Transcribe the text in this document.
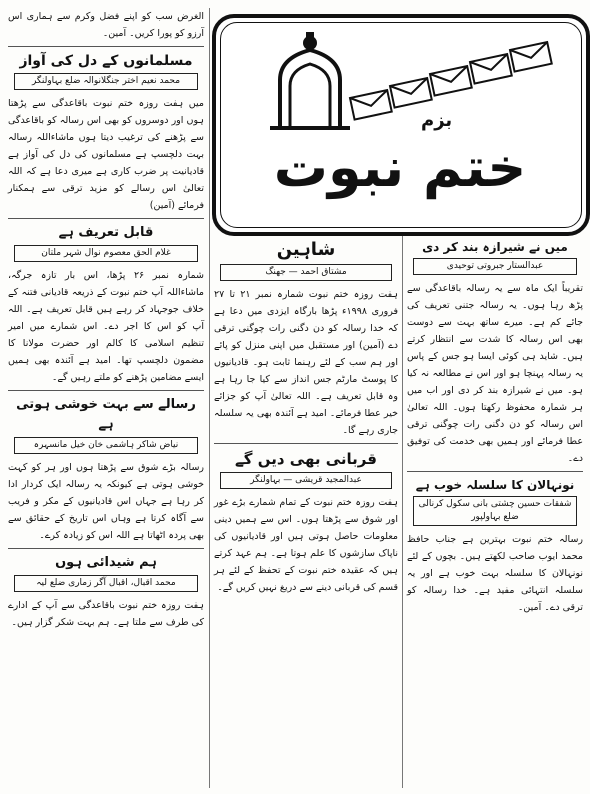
الغرض سب کو اپنے فضل وکرم سے ہماری اس آرزو کو پورا کریں۔ آمین۔

مسلمانوں کے دل کی آواز
محمد نعیم اختر جنگلانوالہ ضلع بہاولنگر

میں ہفت روزہ ختم نبوت باقاعدگی سے پڑھتا ہوں اور دوسروں کو بھی اس رسالہ کو باقاعدگی سے پڑھنے کی ترغیب دیتا ہوں ماشاءاللہ رسالہ بہت دلچسپ ہے مسلمانوں کی دل کی آواز ہے قادیانیت پر ضرب کاری ہے میری دعا ہے کہ اللہ تعالیٰ اس رسالے کو مزید ترقی سے ہمکنار فرمائے (آمین)

قابل تعریف ہے
غلام الحق معصوم نوال شہر ملتان

شمارہ نمبر ۲۶ پڑھا، اس بار تازہ جرگہ، ماشاءاللہ آپ ختم نبوت کے ذریعہ قادیانی فتنہ کے خلاف جوجہاد کر رہے ہیں قابل تعریف ہے۔ اللہ آپ کو اس کا اجر دے۔ اس شمارے میں امیر تنظیم اسلامی کا کالم اور حضرت مولانا کا مضمون دلچسپ تھا۔ امید ہے آئندہ بھی ہمیں ایسے مضامین پڑھنے کو ملتے رہیں گے۔

رسالے سے بہت خوشی ہوتی ہے
نیاض شاکر ہاشمی خان خیل مانسہرہ

رسالہ بڑے شوق سے پڑھتا ہوں اور ہر کو کہت خوشی ہوتی ہے کیونکہ یہ رسالہ ایک کردار ادا کر رہا ہے جہاں اس قادیانیوں کے مکر و فریب سے آگاہ کرتا ہے وہاں اس تاریخ کے حقائق سے بھی پردہ اٹھاتا ہے اللہ اس کو زیادہ کرے۔

ہم شیدائی ہوں
محمد اقبال، اقبال آگر زماری ضلع لیہ

ہفت روزہ ختم نبوت باقاعدگی سے آپ کے ادارے کی طرف سے ملتا ہے۔ ہم بہت شکر گزار ہیں۔

بزم
ختم نبوت
شاہین
مشتاق احمد — جھنگ

ہفت روزہ ختم نبوت شمارہ نمبر ۲۱ تا ۲۷ فروری ۱۹۹۸ء پڑھا بارگاہ ایزدی میں دعا ہے کہ خدا رسالہ کو دن دگنی رات چوگنی ترقی دے (آمین) اور مستقبل میں اپنی منزل کو پائے اور ہم سب کے لئے رہنما ثابت ہو۔ قادیانیوں کا پوسٹ مارٹم جس انداز سے کیا جا رہا ہے وہ قابل تعریف ہے۔ اللہ تعالیٰ آپ کو جزائے خیر عطا فرمائے۔ امید ہے آئندہ بھی یہ سلسلہ جاری رہے گا۔

قربانی بھی دیں گے
عبدالمجید قریشی — بہاولنگر

ہفت روزہ ختم نبوت کے تمام شمارے بڑے غور اور شوق سے پڑھتا ہوں۔ اس سے ہمیں دینی معلومات حاصل ہوتی ہیں اور قادیانیوں کی ناپاک سازشوں کا علم ہوتا ہے۔ ہم عہد کرتے ہیں کہ عقیدہ ختم نبوت کے تحفظ کے لئے ہر قسم کی قربانی دینے سے دریغ نہیں کریں گے۔

میں نے شیرازہ بند کر دی
عبدالستار جبروتی توحیدی

تقریباً ایک ماہ سے یہ رسالہ باقاعدگی سے پڑھ رہا ہوں۔ یہ رسالہ جتنی تعریف کی جائے کم ہے۔ میرے ساتھ بہت سے دوست بھی اس رسالہ کا شدت سے انتظار کرتے ہیں۔ شاید ہی کوئی ایسا ہو جس کے پاس یہ رسالہ پہنچا ہو اور اس نے مطالعہ نہ کیا ہو۔ میں نے شیرازہ بند کر دی اور اب میں ہر شمارہ محفوظ رکھتا ہوں۔ اللہ تعالیٰ اس رسالہ کو دن دگنی رات چوگنی ترقی عطا فرمائے اور ہمیں بھی خدمت کی توفیق دے۔

نونہالان کا سلسلہ خوب ہے
شفقات حسین چشتی بانی سکول کرنالی ضلع بہاولپور

رسالہ ختم نبوت بہترین ہے جناب حافظ محمد ایوب صاحب لکھتے ہیں۔ بچوں کے لئے نونہالان کا سلسلہ بہت خوب ہے اور یہ سلسلہ انتہائی مفید ہے۔ خدا رسالہ کو ترقی دے۔ آمین۔
